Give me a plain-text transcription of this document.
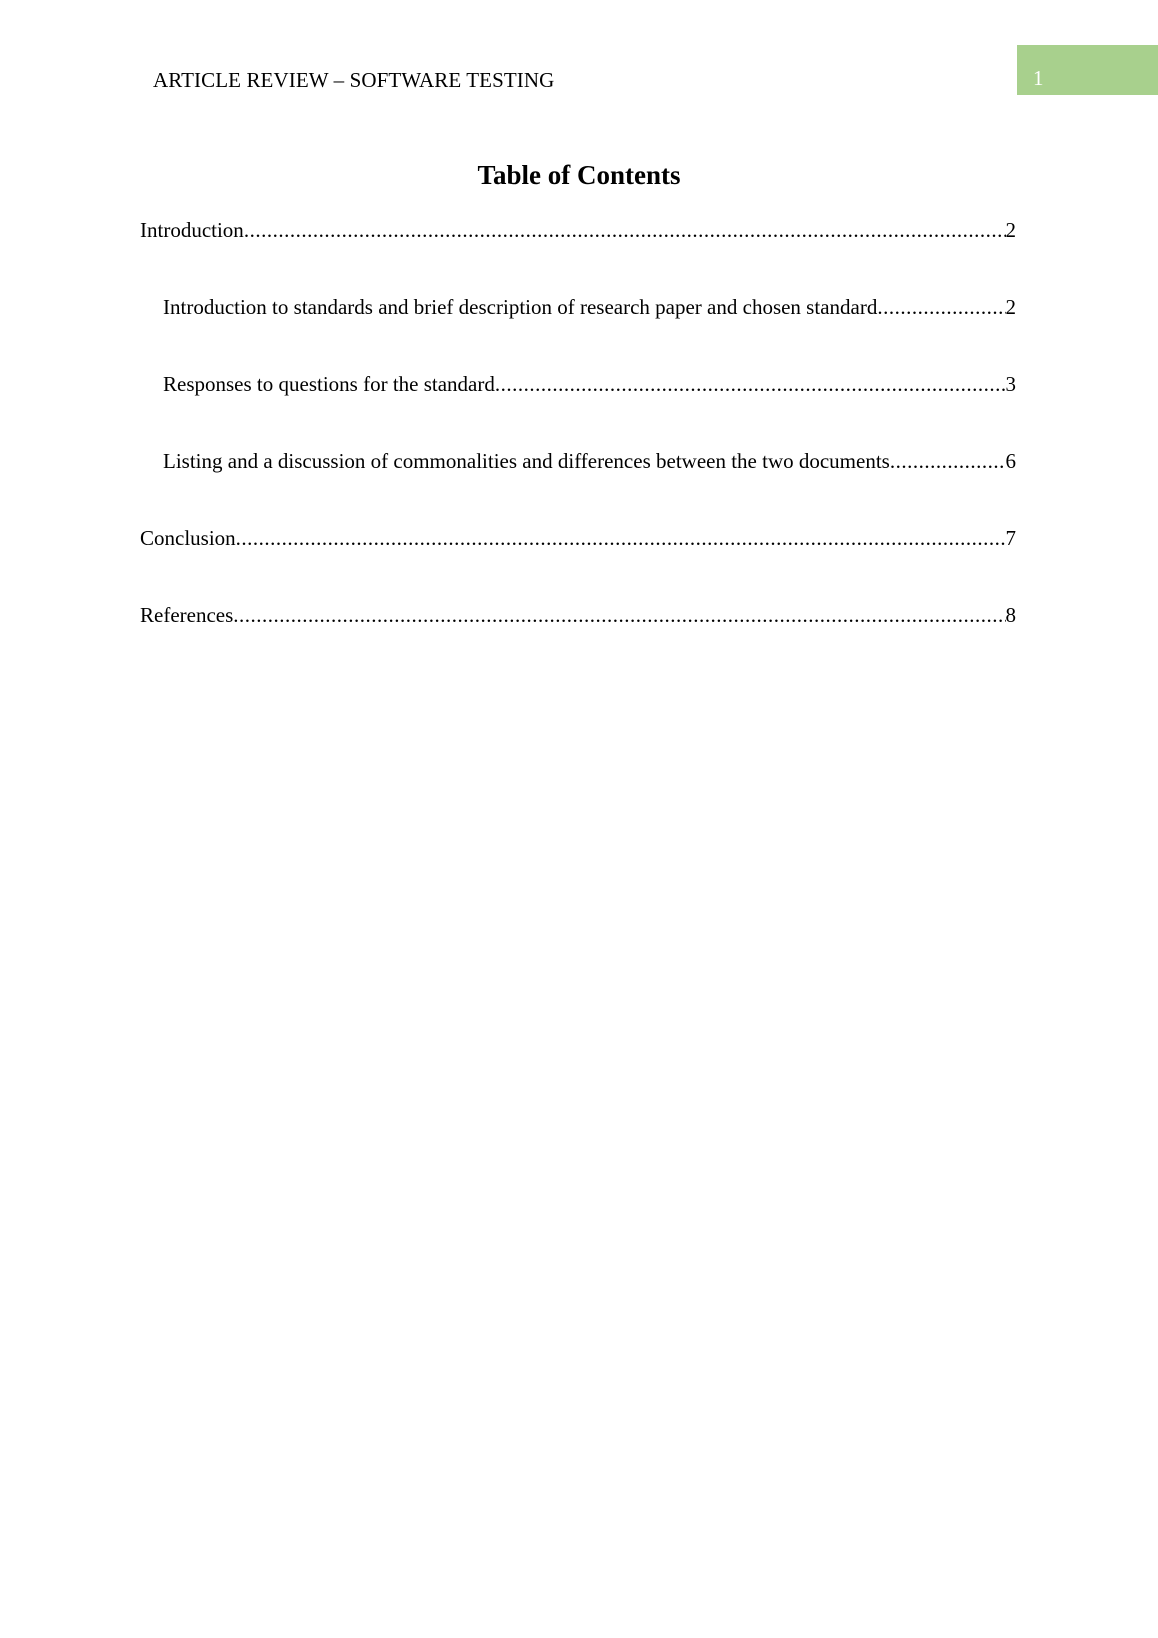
ARTICLE REVIEW – SOFTWARE TESTING	1
Table of Contents
Introduction .....	2
Introduction to standards and brief description of research paper and chosen standard .....	2
Responses to questions for the standard .....	3
Listing and a discussion of commonalities and differences between the two documents .....	6
Conclusion .....	7
References .....	8
